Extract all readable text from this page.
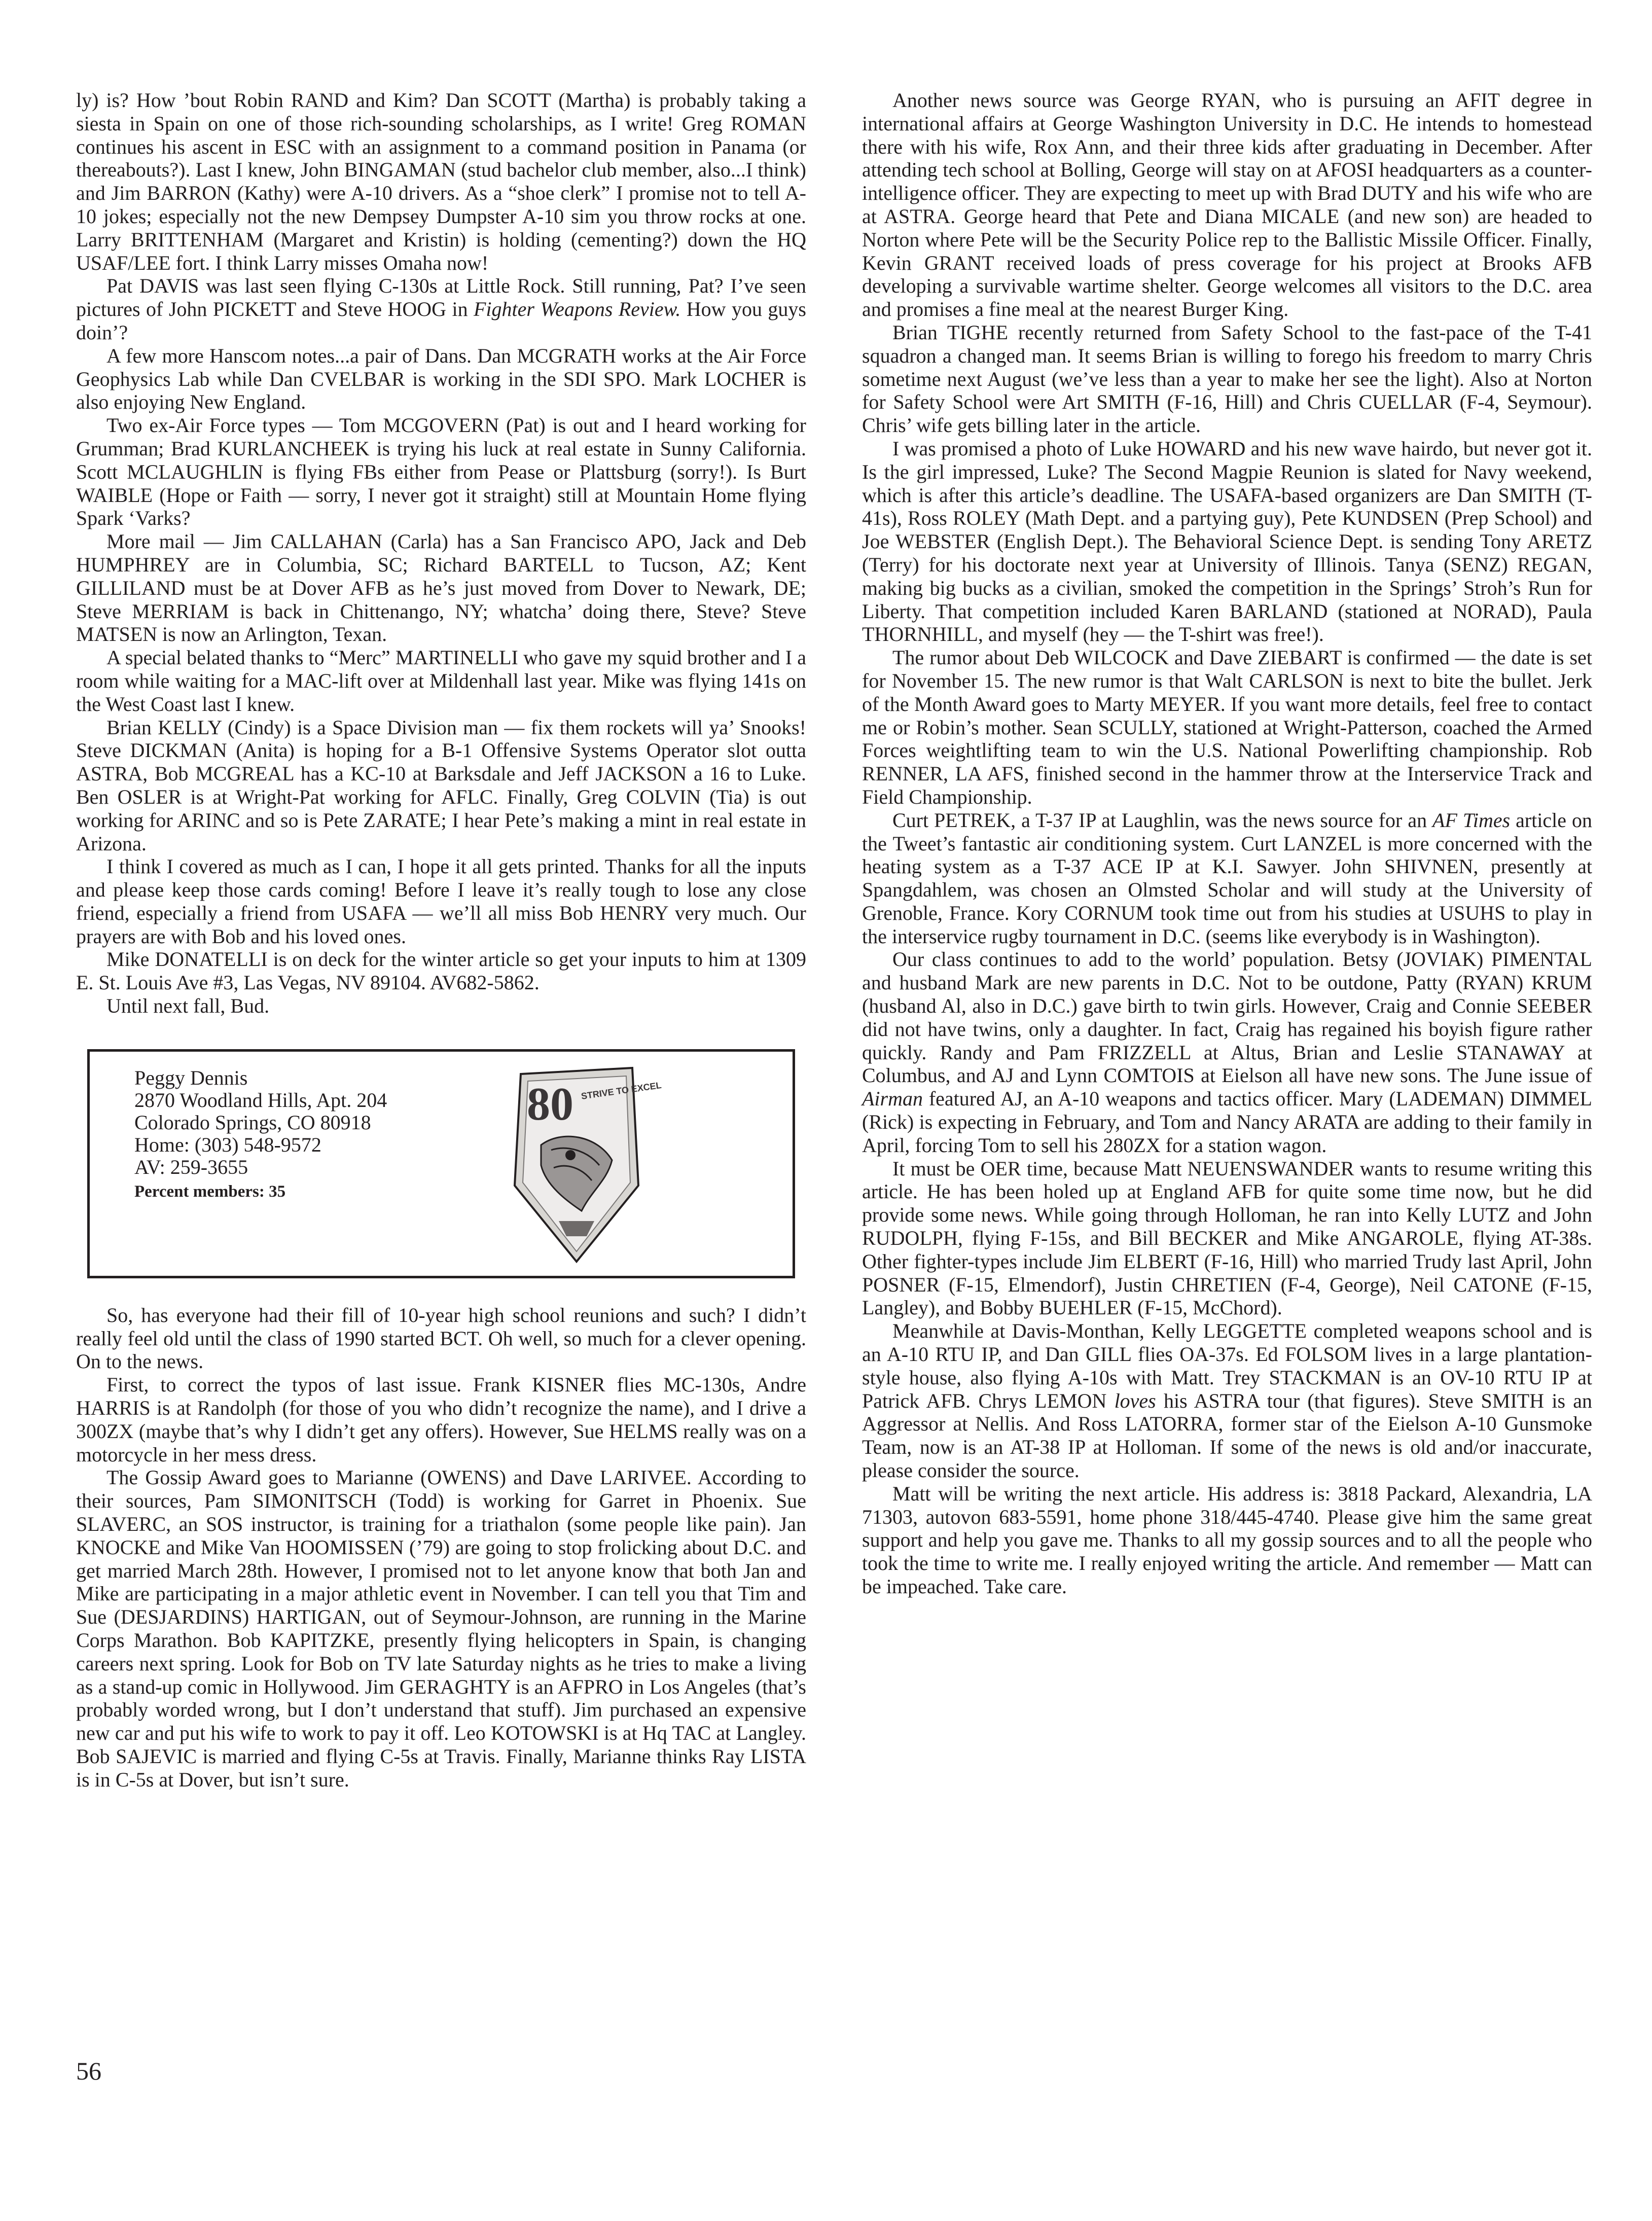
ly) is? How ’bout Robin RAND and Kim? Dan SCOTT (Martha) is probably taking a siesta in Spain on one of those rich-sounding scholarships, as I write! Greg ROMAN continues his ascent in ESC with an assignment to a command position in Panama (or thereabouts?). Last I knew, John BINGAMAN (stud bachelor club member, also...I think) and Jim BARRON (Kathy) were A-10 drivers. As a “shoe clerk” I promise not to tell A-10 jokes; especially not the new Dempsey Dumpster A-10 sim you throw rocks at one. Larry BRITTENHAM (Margaret and Kristin) is holding (cementing?) down the HQ USAF/LEE fort. I think Larry misses Omaha now!

Pat DAVIS was last seen flying C-130s at Little Rock. Still running, Pat? I’ve seen pictures of John PICKETT and Steve HOOG in Fighter Weapons Review. How you guys doin’?

A few more Hanscom notes...a pair of Dans. Dan MCGRATH works at the Air Force Geophysics Lab while Dan CVELBAR is working in the SDI SPO. Mark LOCHER is also enjoying New England.

Two ex-Air Force types — Tom MCGOVERN (Pat) is out and I heard working for Grumman; Brad KURLANCHEEK is trying his luck at real estate in Sunny California. Scott MCLAUGHLIN is flying FBs either from Pease or Plattsburg (sorry!). Is Burt WAIBLE (Hope or Faith — sorry, I never got it straight) still at Mountain Home flying Spark ‘Varks?

More mail — Jim CALLAHAN (Carla) has a San Francisco APO, Jack and Deb HUMPHREY are in Columbia, SC; Richard BARTELL to Tucson, AZ; Kent GILLILAND must be at Dover AFB as he’s just moved from Dover to Newark, DE; Steve MERRIAM is back in Chittenango, NY; whatcha’ doing there, Steve? Steve MATSEN is now an Arlington, Texan.

A special belated thanks to “Merc” MARTINELLI who gave my squid brother and I a room while waiting for a MAC-lift over at Mildenhall last year. Mike was flying 141s on the West Coast last I knew.

Brian KELLY (Cindy) is a Space Division man — fix them rockets will ya’ Snooks! Steve DICKMAN (Anita) is hoping for a B-1 Offensive Systems Operator slot outta ASTRA, Bob MCGREAL has a KC-10 at Barksdale and Jeff JACKSON a 16 to Luke. Ben OSLER is at Wright-Pat working for AFLC. Finally, Greg COLVIN (Tia) is out working for ARINC and so is Pete ZARATE; I hear Pete’s making a mint in real estate in Arizona.

I think I covered as much as I can, I hope it all gets printed. Thanks for all the inputs and please keep those cards coming! Before I leave it’s really tough to lose any close friend, especially a friend from USAFA — we’ll all miss Bob HENRY very much. Our prayers are with Bob and his loved ones.

Mike DONATELLI is on deck for the winter article so get your inputs to him at 1309 E. St. Louis Ave #3, Las Vegas, NV 89104. AV682-5862.

Until next fall, Bud.

Peggy Dennis
2870 Woodland Hills, Apt. 204
Colorado Springs, CO 80918
Home: (303) 548-9572
AV: 259-3655
Percent members: 35
80 STRIVE TO EXCEL

So, has everyone had their fill of 10-year high school reunions and such? I didn’t really feel old until the class of 1990 started BCT. Oh well, so much for a clever opening. On to the news.

First, to correct the typos of last issue. Frank KISNER flies MC-130s, Andre HARRIS is at Randolph (for those of you who didn’t recognize the name), and I drive a 300ZX (maybe that’s why I didn’t get any offers). However, Sue HELMS really was on a motorcycle in her mess dress.

The Gossip Award goes to Marianne (OWENS) and Dave LARIVEE. According to their sources, Pam SIMONITSCH (Todd) is working for Garret in Phoenix. Sue SLAVERC, an SOS instructor, is training for a triathalon (some people like pain). Jan KNOCKE and Mike Van HOOMISSEN (’79) are going to stop frolicking about D.C. and get married March 28th. However, I promised not to let anyone know that both Jan and Mike are participating in a major athletic event in November. I can tell you that Tim and Sue (DESJARDINS) HARTIGAN, out of Seymour-Johnson, are running in the Marine Corps Marathon. Bob KAPITZKE, presently flying helicopters in Spain, is changing careers next spring. Look for Bob on TV late Saturday nights as he tries to make a living as a stand-up comic in Hollywood. Jim GERAGHTY is an AFPRO in Los Angeles (that’s probably worded wrong, but I don’t understand that stuff). Jim purchased an expensive new car and put his wife to work to pay it off. Leo KOTOWSKI is at Hq TAC at Langley. Bob SAJEVIC is married and flying C-5s at Travis. Finally, Marianne thinks Ray LISTA is in C-5s at Dover, but isn’t sure.

Another news source was George RYAN, who is pursuing an AFIT degree in international affairs at George Washington University in D.C. He intends to homestead there with his wife, Rox Ann, and their three kids after graduating in December. After attending tech school at Bolling, George will stay on at AFOSI headquarters as a counter-intelligence officer. They are expecting to meet up with Brad DUTY and his wife who are at ASTRA. George heard that Pete and Diana MICALE (and new son) are headed to Norton where Pete will be the Security Police rep to the Ballistic Missile Officer. Finally, Kevin GRANT received loads of press coverage for his project at Brooks AFB developing a survivable wartime shelter. George welcomes all visitors to the D.C. area and promises a fine meal at the nearest Burger King.

Brian TIGHE recently returned from Safety School to the fast-pace of the T-41 squadron a changed man. It seems Brian is willing to forego his freedom to marry Chris sometime next August (we’ve less than a year to make her see the light). Also at Norton for Safety School were Art SMITH (F-16, Hill) and Chris CUELLAR (F-4, Seymour). Chris’ wife gets billing later in the article.

I was promised a photo of Luke HOWARD and his new wave hairdo, but never got it. Is the girl impressed, Luke? The Second Magpie Reunion is slated for Navy weekend, which is after this article’s deadline. The USAFA-based organizers are Dan SMITH (T-41s), Ross ROLEY (Math Dept. and a partying guy), Pete KUNDSEN (Prep School) and Joe WEBSTER (English Dept.). The Behavioral Science Dept. is sending Tony ARETZ (Terry) for his doctorate next year at University of Illinois. Tanya (SENZ) REGAN, making big bucks as a civilian, smoked the competition in the Springs’ Stroh’s Run for Liberty. That competition included Karen BARLAND (stationed at NORAD), Paula THORNHILL, and myself (hey — the T-shirt was free!).

The rumor about Deb WILCOCK and Dave ZIEBART is confirmed — the date is set for November 15. The new rumor is that Walt CARLSON is next to bite the bullet. Jerk of the Month Award goes to Marty MEYER. If you want more details, feel free to contact me or Robin’s mother. Sean SCULLY, stationed at Wright-Patterson, coached the Armed Forces weightlifting team to win the U.S. National Powerlifting championship. Rob RENNER, LA AFS, finished second in the hammer throw at the Interservice Track and Field Championship.

Curt PETREK, a T-37 IP at Laughlin, was the news source for an AF Times article on the Tweet’s fantastic air conditioning system. Curt LANZEL is more concerned with the heating system as a T-37 ACE IP at K.I. Sawyer. John SHIVNEN, presently at Spangdahlem, was chosen an Olmsted Scholar and will study at the University of Grenoble, France. Kory CORNUM took time out from his studies at USUHS to play in the interservice rugby tournament in D.C. (seems like everybody is in Washington).

Our class continues to add to the world’ population. Betsy (JOVIAK) PIMENTAL and husband Mark are new parents in D.C. Not to be outdone, Patty (RYAN) KRUM (husband Al, also in D.C.) gave birth to twin girls. However, Craig and Connie SEEBER did not have twins, only a daughter. In fact, Craig has regained his boyish figure rather quickly. Randy and Pam FRIZZELL at Altus, Brian and Leslie STANAWAY at Columbus, and AJ and Lynn COMTOIS at Eielson all have new sons. The June issue of Airman featured AJ, an A-10 weapons and tactics officer. Mary (LADEMAN) DIMMEL (Rick) is expecting in February, and Tom and Nancy ARATA are adding to their family in April, forcing Tom to sell his 280ZX for a station wagon.

It must be OER time, because Matt NEUENSWANDER wants to resume writing this article. He has been holed up at England AFB for quite some time now, but he did provide some news. While going through Holloman, he ran into Kelly LUTZ and John RUDOLPH, flying F-15s, and Bill BECKER and Mike ANGAROLE, flying AT-38s. Other fighter-types include Jim ELBERT (F-16, Hill) who married Trudy last April, John POSNER (F-15, Elmendorf), Justin CHRETIEN (F-4, George), Neil CATONE (F-15, Langley), and Bobby BUEHLER (F-15, McChord).

Meanwhile at Davis-Monthan, Kelly LEGGETTE completed weapons school and is an A-10 RTU IP, and Dan GILL flies OA-37s. Ed FOLSOM lives in a large plantation-style house, also flying A-10s with Matt. Trey STACKMAN is an OV-10 RTU IP at Patrick AFB. Chrys LEMON loves his ASTRA tour (that figures). Steve SMITH is an Aggressor at Nellis. And Ross LATORRA, former star of the Eielson A-10 Gunsmoke Team, now is an AT-38 IP at Holloman. If some of the news is old and/or inaccurate, please consider the source.

Matt will be writing the next article. His address is: 3818 Packard, Alexandria, LA 71303, autovon 683-5591, home phone 318/445-4740. Please give him the same great support and help you gave me. Thanks to all my gossip sources and to all the people who took the time to write me. I really enjoyed writing the article. And remember — Matt can be impeached. Take care.

56
